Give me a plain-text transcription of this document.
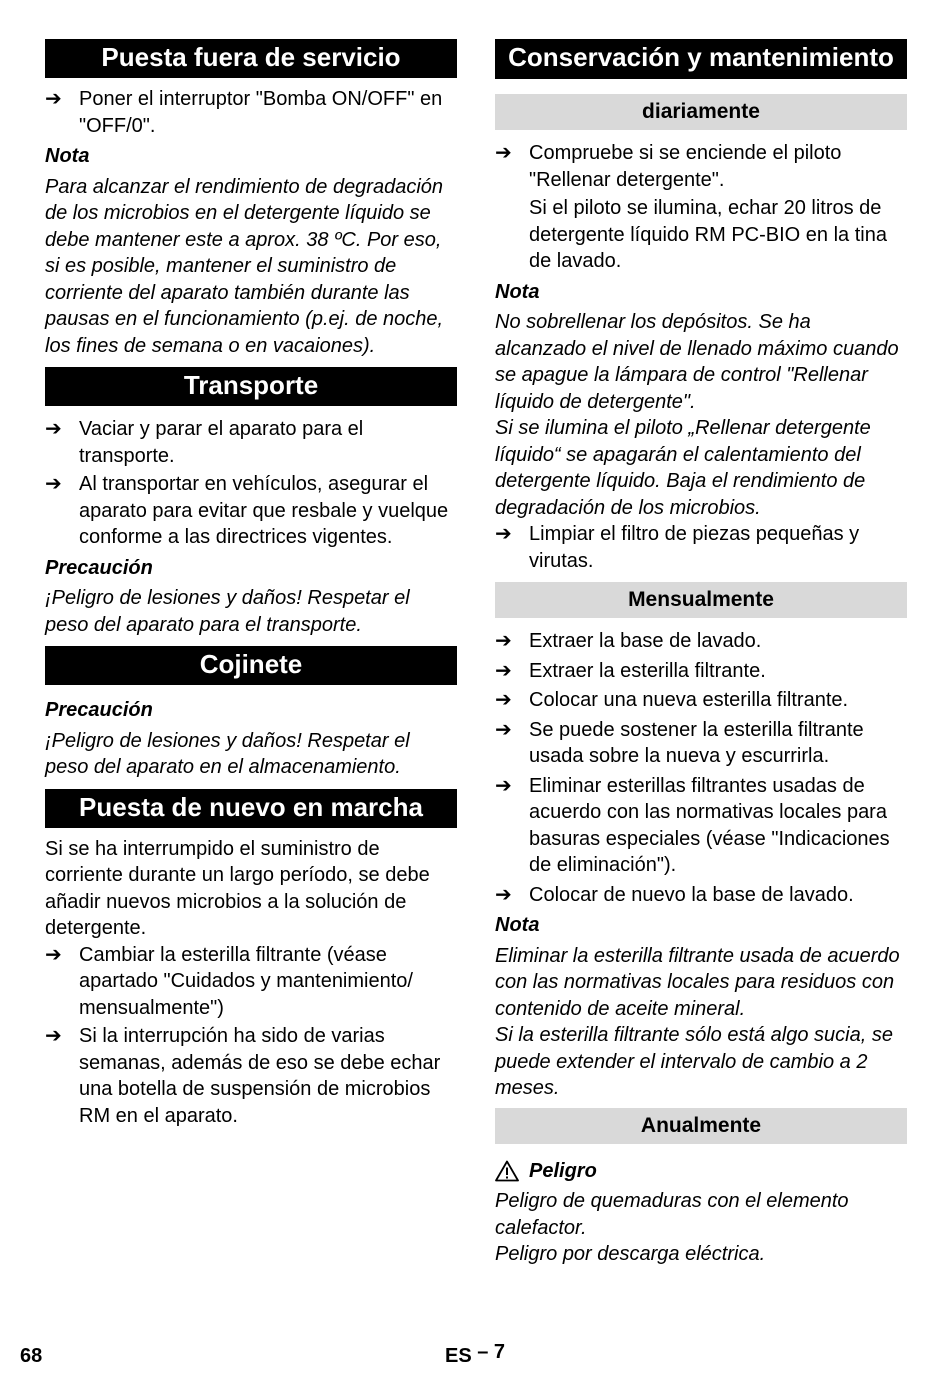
Puesta fuera de servicio
➔ Poner el interruptor "Bomba ON/OFF" en "OFF/0".

Nota

Para alcanzar el rendimiento de degradación de los microbios en el detergente líquido se debe mantener este a aprox. 38 ºC. Por eso, si es posible, mantener el suministro de corriente del aparato también durante las pausas en el funcionamiento (p.ej. de noche, los fines de semana o en vacaiones).

Transporte
➔ Vaciar y parar el aparato para el transporte.
➔ Al transportar en vehículos, asegurar el aparato para evitar que resbale y vuelque conforme a las directrices vigentes.

Precaución

¡Peligro de lesiones y daños! Respetar el peso del aparato para el transporte.

Cojinete

Precaución

¡Peligro de lesiones y daños! Respetar el peso del aparato en el almacenamiento.

Puesta de nuevo en marcha

Si se ha interrumpido el suministro de corriente durante un largo período, se debe añadir nuevos microbios a la solución de detergente.

➔ Cambiar la esterilla filtrante (véase apartado "Cuidados y mantenimiento/ mensualmente")
➔ Si la interrupción ha sido de varias semanas, además de eso se debe echar una botella de suspensión de microbios RM en el aparato.
Conservación y mantenimiento
diariamente
➔ Compruebe si se enciende el piloto "Rellenar detergente".

Si el piloto se ilumina, echar 20 litros de detergente líquido RM PC-BIO en la tina de lavado.

Nota

No sobrellenar los depósitos. Se ha alcanzado el nivel de llenado máximo cuando se apague la lámpara de control "Rellenar líquido de detergente".

Si se ilumina el piloto „Rellenar detergente líquido“ se apagarán el calentamiento del detergente líquido. Baja el rendimiento de degradación de los microbios.

➔ Limpiar el filtro de piezas pequeñas y virutas.
Mensualmente
➔ Extraer la base de lavado.
➔ Extraer la esterilla filtrante.
➔ Colocar una nueva esterilla filtrante.
➔ Se puede sostener la esterilla filtrante usada sobre la nueva y escurrirla.
➔ Eliminar esterillas filtrantes usadas de acuerdo con las normativas locales para basuras especiales (véase "Indicaciones de eliminación").
➔ Colocar de nuevo la base de lavado.

Nota

Eliminar la esterilla filtrante usada de acuerdo con las normativas locales para residuos con contenido de aceite mineral.

Si la esterilla filtrante sólo está algo sucia, se puede extender el intervalo de cambio a 2 meses.

Anualmente
Peligro

Peligro de quemaduras con el elemento calefactor.

Peligro por descarga eléctrica.

68	ES – 7
